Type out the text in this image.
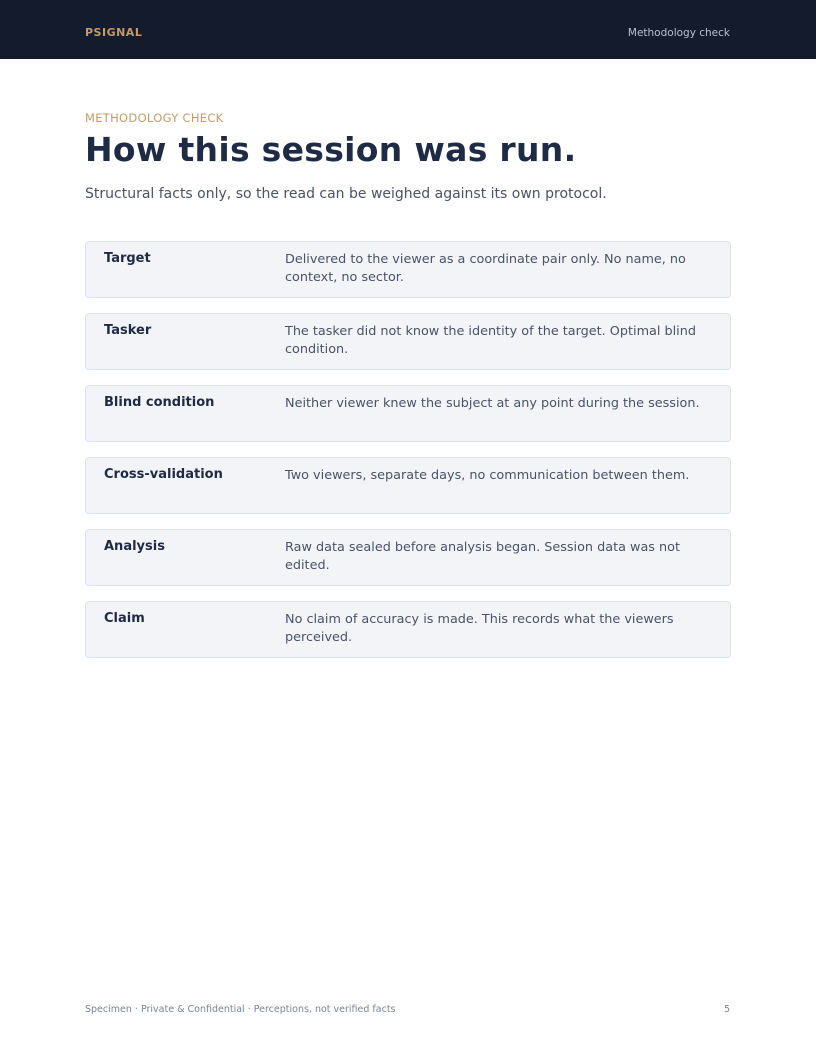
PSIGNAL	Methodology check
METHODOLOGY CHECK
How this session was run.
Structural facts only, so the read can be weighed against its own protocol.
Target	Delivered to the viewer as a coordinate pair only. No name, no context, no sector.
Tasker	The tasker did not know the identity of the target. Optimal blind condition.
Blind condition	Neither viewer knew the subject at any point during the session.
Cross-validation	Two viewers, separate days, no communication between them.
Analysis	Raw data sealed before analysis began. Session data was not edited.
Claim	No claim of accuracy is made. This records what the viewers perceived.
Specimen · Private & Confidential · Perceptions, not verified facts	5
